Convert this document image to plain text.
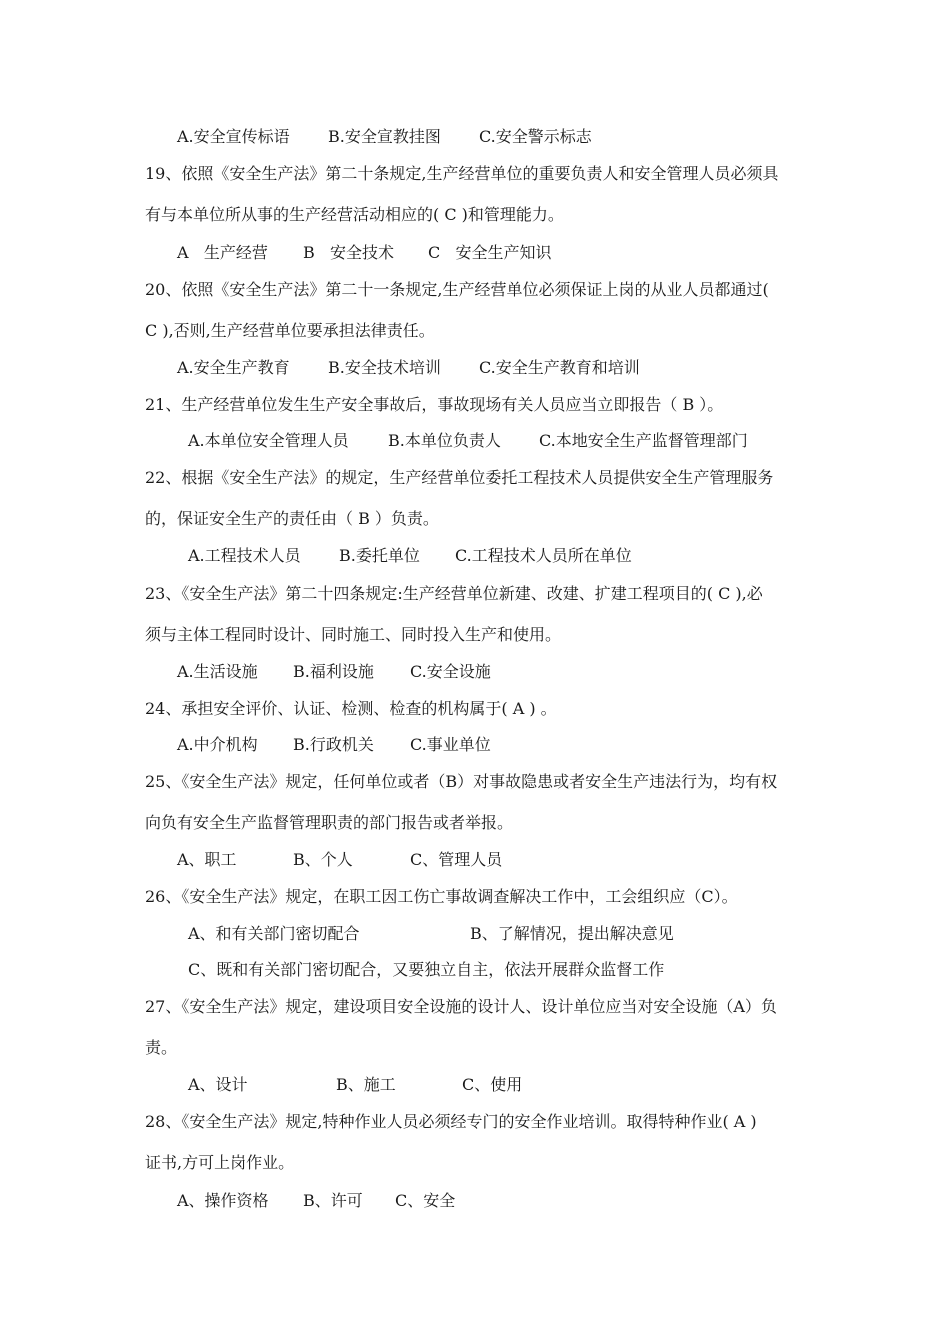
A.安全宣传标语 B.安全宣教挂图 C.安全警示标志
19、依照《安全生产法》第二十条规定,生产经营单位的重要负责人和安全管理人员必须具
有与本单位所从事的生产经营活动相应的( C )和管理能力。
A   生产经营 B   安全技术 C   安全生产知识
20、依照《安全生产法》第二十一条规定,生产经营单位必须保证上岗的从业人员都通过(
C ),否则,生产经营单位要承担法律责任。
A.安全生产教育 B.安全技术培训 C.安全生产教育和培训
21、生产经营单位发生生产安全事故后，事故现场有关人员应当立即报告（ B ）。
A.本单位安全管理人员 B.本单位负责人 C.本地安全生产监督管理部门
22、根据《安全生产法》的规定，生产经营单位委托工程技术人员提供安全生产管理服务
的，保证安全生产的责任由（ B ）负责。
A.工程技术人员 B.委托单位 C.工程技术人员所在单位
23、《安全生产法》第二十四条规定:生产经营单位新建、改建、扩建工程项目的( C ),必
须与主体工程同时设计、同时施工、同时投入生产和使用。
A.生活设施 B.福利设施 C.安全设施
24、承担安全评价、认证、检测、检查的机构属于( A ) 。
A.中介机构 B.行政机关 C.事业单位
25、《安全生产法》规定，任何单位或者（B）对事故隐患或者安全生产违法行为，均有权
向负有安全生产监督管理职责的部门报告或者举报。
A、职工	B、个人	C、管理人员
26、《安全生产法》规定，在职工因工伤亡事故调查解决工作中，工会组织应（C）。
A、和有关部门密切配合	B、了解情况，提出解决意见
C、既和有关部门密切配合，又要独立自主，依法开展群众监督工作
27、《安全生产法》规定，建设项目安全设施的设计人、设计单位应当对安全设施（A）负
责。
A、设计	B、施工	C、使用
28、《安全生产法》规定,特种作业人员必须经专门的安全作业培训。取得特种作业( A )
证书,方可上岗作业。
A、操作资格 B、许可 C、安全
